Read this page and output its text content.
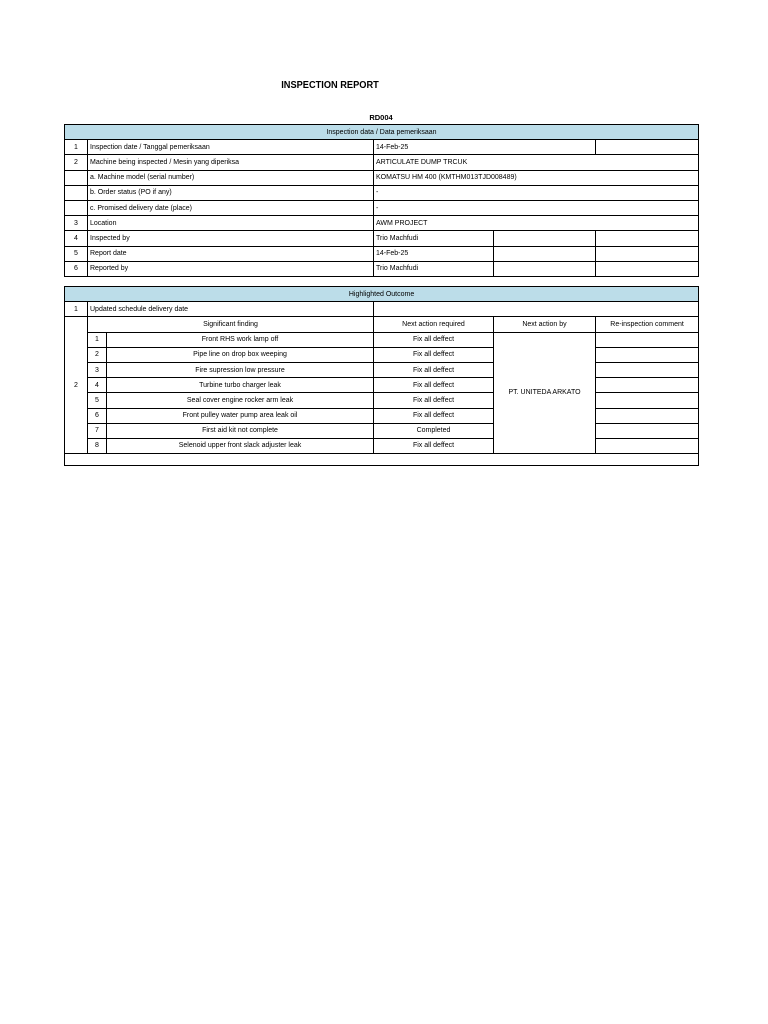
INSPECTION REPORT
RD004
Inspection data / Data pemeriksaan				
1	Inspection date / Tanggal pemeriksaan	14-Feb-25		
2	Machine being inspected / Mesin yang diperiksa	ARTICULATE DUMP TRCUK		
	a. Machine model (serial number)	KOMATSU HM 400 (KMTHM013TJD008489)		
	b. Order status (PO if any)	-		
	c. Promised delivery date (place)	-		
3	Location	AWM PROJECT		
4	Inspected by	Trio Machfudi		
5	Report date	14-Feb-25		
6	Reported by	Trio Machfudi		
Highlighted Outcome					
1	Updated schedule delivery date				
2	Significant finding		Next action required	Next action by	Re-inspection comment
	1	Front RHS work lamp off	Fix all deffect	PT. UNITEDA ARKATO	
	2	Pipe line on drop box weeping	Fix all deffect		
	3	Fire supression low pressure	Fix all deffect		
	4	Turbine turbo charger leak	Fix all deffect		
	5	Seal cover engine rocker arm leak	Fix all deffect		
	6	Front pulley water pump area leak oil	Fix all deffect		
	7	First aid kit not complete	Completed		
	8	Selenoid upper front slack adjuster leak	Fix all deffect		
